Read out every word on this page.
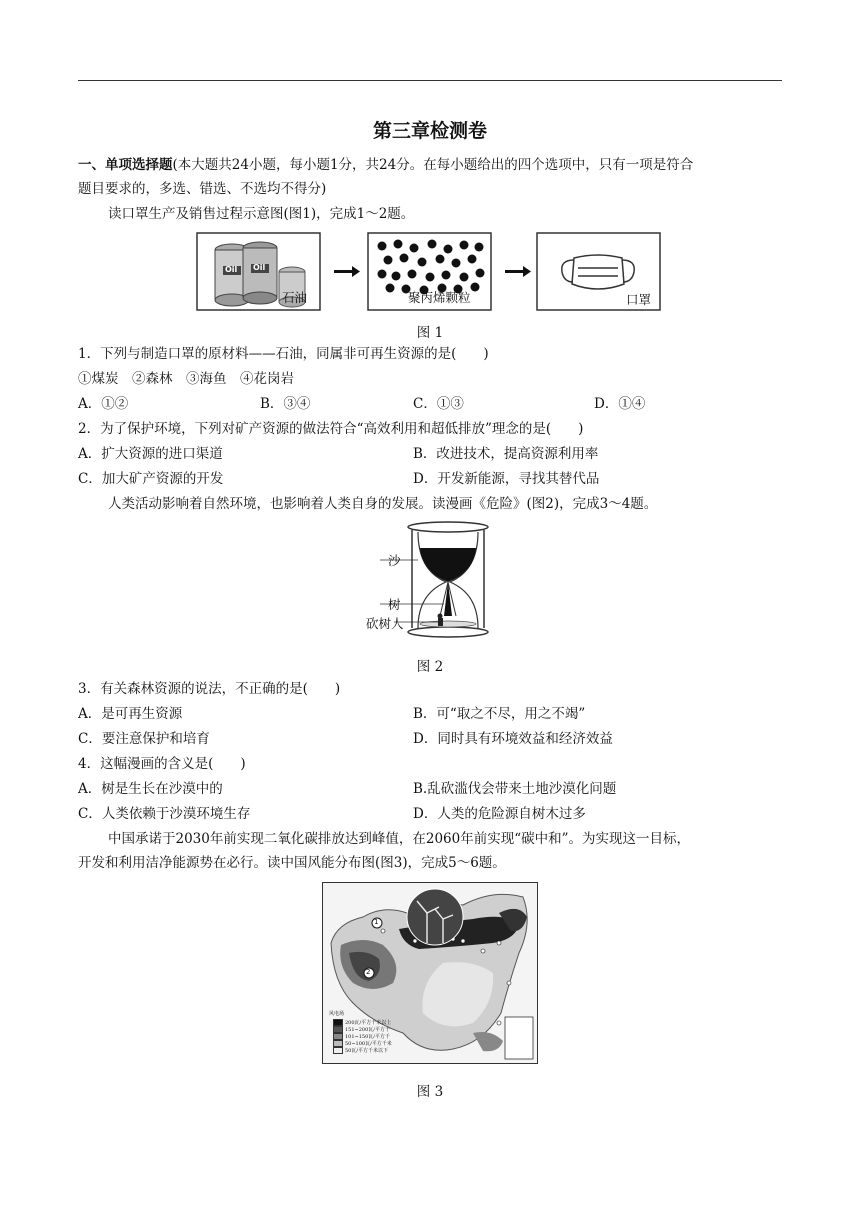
第三章检测卷
一、单项选择题(本大题共24小题，每小题1分，共24分。在每小题给出的四个选项中，只有一项是符合
题目要求的，多选、错选、不选均不得分)
读口罩生产及销售过程示意图(图1)，完成1～2题。
石油	聚丙烯颗粒	口罩
Oil Oil
图 1
1．下列与制造口罩的原材料——石油，同属非可再生资源的是(　　)
①煤炭　②森林　③海鱼　④花岗岩
A．①②	B．③④	C．①③	D．①④
2．为了保护环境，下列对矿产资源的做法符合“高效利用和超低排放”理念的是(　　)
A．扩大资源的进口渠道	B．改进技术，提高资源利用率
C．加大矿产资源的开发	D．开发新能源，寻找其替代品
人类活动影响着自然环境，也影响着人类自身的发展。读漫画《危险》(图2)，完成3～4题。
沙
树
砍树人
图 2
3．有关森林资源的说法，不正确的是(　　)
A．是可再生资源	B．可“取之不尽，用之不竭”
C．要注意保护和培育	D．同时具有环境效益和经济效益
4．这幅漫画的含义是(　　)
A．树是生长在沙漠中的	B.乱砍滥伐会带来土地沙漠化问题
C．人类依赖于沙漠环境生存	D．人类的危险源自树木过多
中国承诺于2030年前实现二氧化碳排放达到峰值，在2060年前实现“碳中和”。为实现这一目标，
开发和利用洁净能源势在必行。读中国风能分布图(图3)，完成5～6题。
1
2
风电场
200瓦/平方千米以上
151~200瓦/平方千
101~150瓦/平方千
50~100瓦/平方千米
50瓦/平方千米以下
图 3
